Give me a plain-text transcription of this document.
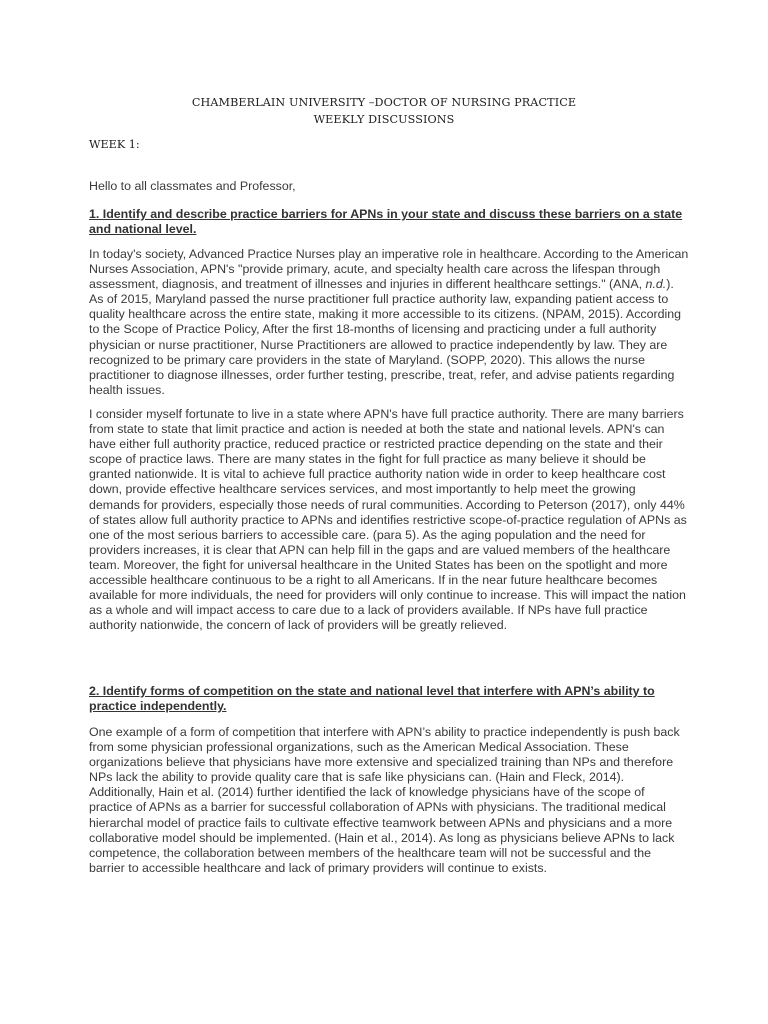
CHAMBERLAIN UNIVERSITY –DOCTOR OF NURSING PRACTICE
WEEKLY DISCUSSIONS
WEEK 1:

Hello to all classmates and Professor,

1. Identify and describe practice barriers for APNs in your state and discuss these barriers on a state and national level.

In today's society, Advanced Practice Nurses play an imperative role in healthcare. According to the American Nurses Association, APN's "provide primary, acute, and specialty health care across the lifespan through assessment, diagnosis, and treatment of illnesses and injuries in different healthcare settings." (ANA, n.d.). As of 2015, Maryland passed the nurse practitioner full practice authority law, expanding patient access to quality healthcare across the entire state, making it more accessible to its citizens. (NPAM, 2015). According to the Scope of Practice Policy, After the first 18-months of licensing and practicing under a full authority physician or nurse practitioner, Nurse Practitioners are allowed to practice independently by law. They are recognized to be primary care providers in the state of Maryland. (SOPP, 2020). This allows the nurse practitioner to diagnose illnesses, order further testing, prescribe, treat, refer, and advise patients regarding health issues.

I consider myself fortunate to live in a state where APN's have full practice authority. There are many barriers from state to state that limit practice and action is needed at both the state and national levels. APN's can have either full authority practice, reduced practice or restricted practice depending on the state and their scope of practice laws. There are many states in the fight for full practice as many believe it should be granted nationwide. It is vital to achieve full practice authority nation wide in order to keep healthcare cost down, provide effective healthcare services services, and most importantly to help meet the growing demands for providers, especially those needs of rural communities. According to Peterson (2017), only 44% of states allow full authority practice to APNs and identifies restrictive scope-of-practice regulation of APNs as one of the most serious barriers to accessible care. (para 5). As the aging population and the need for providers increases, it is clear that APN can help fill in the gaps and are valued members of the healthcare team. Moreover, the fight for universal healthcare in the United States has been on the spotlight and more accessible healthcare continuous to be a right to all Americans. If in the near future healthcare becomes available for more individuals, the need for providers will only continue to increase. This will impact the nation as a whole and will impact access to care due to a lack of providers available. If NPs have full practice authority nationwide, the concern of lack of providers will be greatly relieved.

2. Identify forms of competition on the state and national level that interfere with APN’s ability to practice independently.

One example of a form of competition that interfere with APN’s ability to practice independently is push back from some physician professional organizations, such as the American Medical Association. These organizations believe that physicians have more extensive and specialized training than NPs and therefore NPs lack the ability to provide quality care that is safe like physicians can. (Hain and Fleck, 2014). Additionally, Hain et al. (2014) further identified the lack of knowledge physicians have of the scope of practice of APNs as a barrier for successful collaboration of APNs with physicians. The traditional medical hierarchal model of practice fails to cultivate effective teamwork between APNs and physicians and a more collaborative model should be implemented. (Hain et al., 2014). As long as physicians believe APNs to lack competence, the collaboration between members of the healthcare team will not be successful and the barrier to accessible healthcare and lack of primary providers will continue to exists.
